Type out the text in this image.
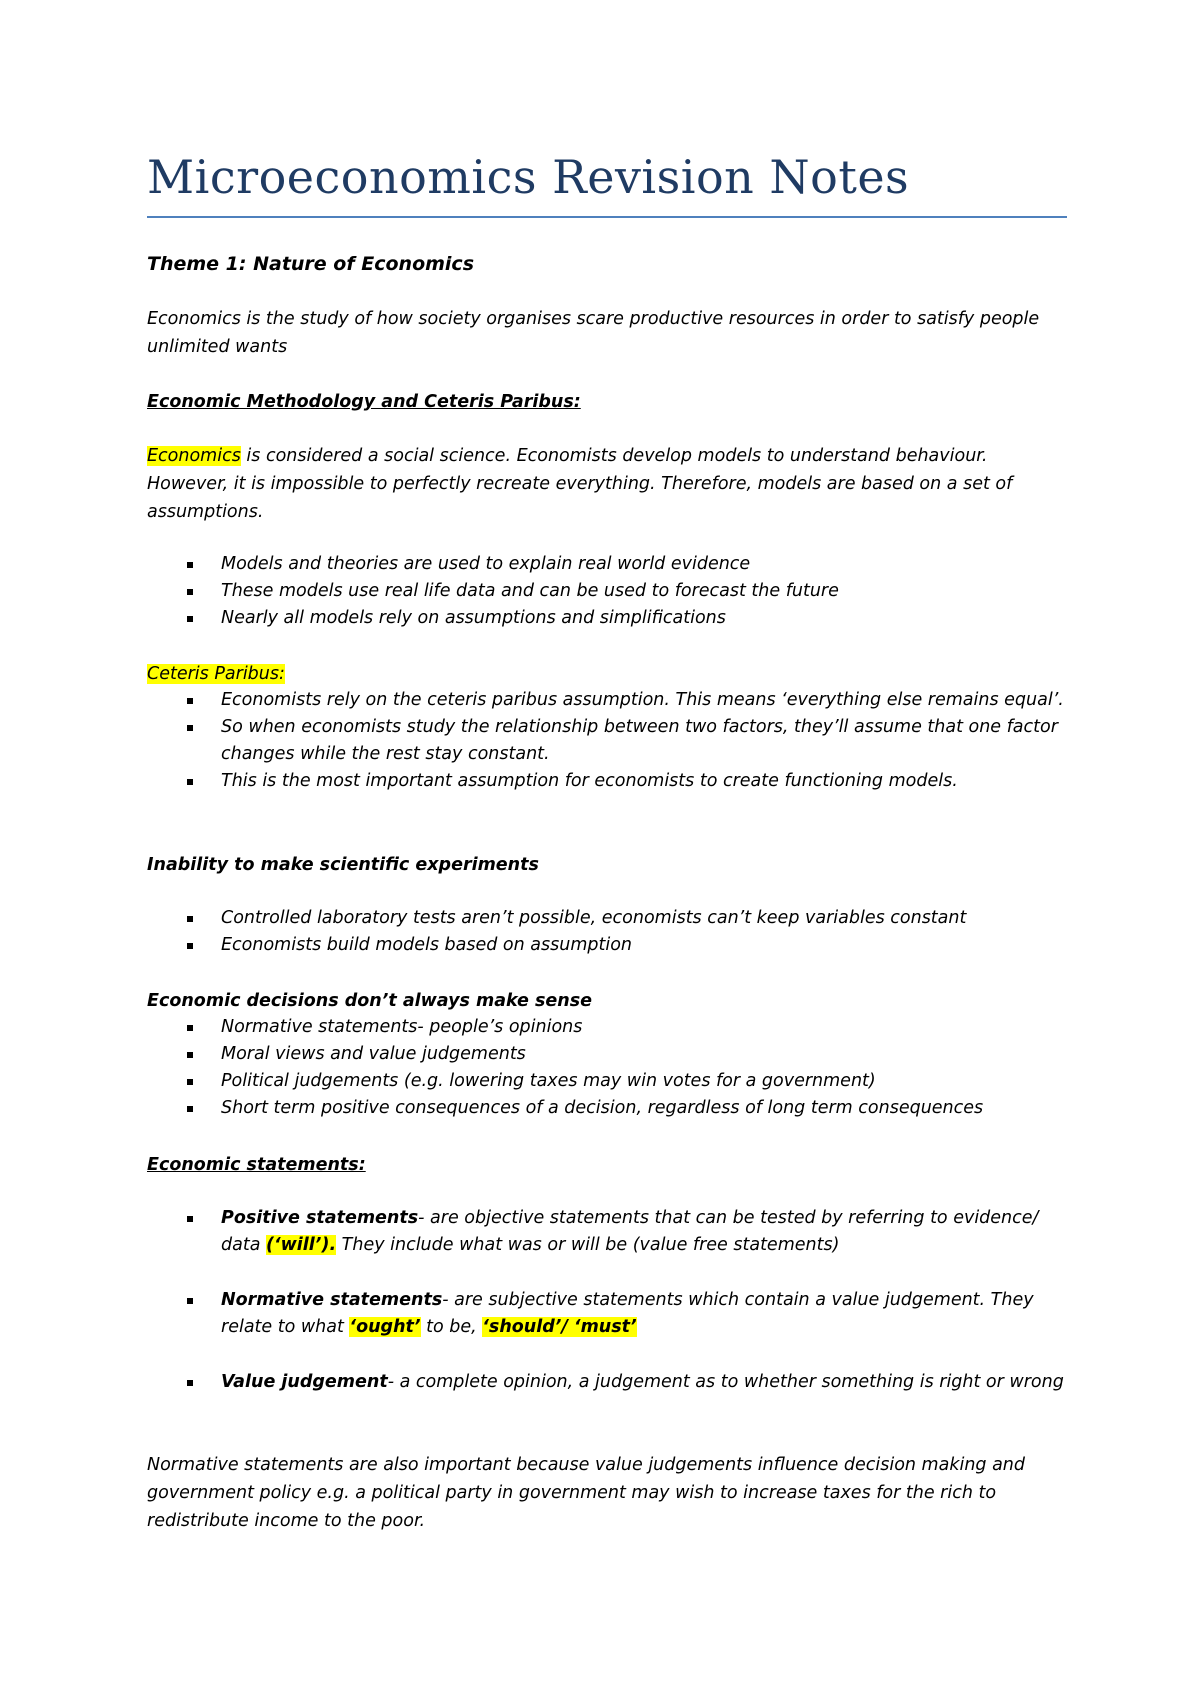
Microeconomics Revision Notes
Theme 1: Nature of Economics
Economics is the study of how society organises scare productive resources in order to satisfy people unlimited wants
Economic Methodology and Ceteris Paribus:
Economics is considered a social science. Economists develop models to understand behaviour. However, it is impossible to perfectly recreate everything. Therefore, models are based on a set of assumptions.
Models and theories are used to explain real world evidence
These models use real life data and can be used to forecast the future
Nearly all models rely on assumptions and simplifications
Ceteris Paribus:
Economists rely on the ceteris paribus assumption. This means ‘everything else remains equal’.
So when economists study the relationship between two factors, they’ll assume that one factor changes while the rest stay constant.
This is the most important assumption for economists to create functioning models.
Inability to make scientific experiments
Controlled laboratory tests aren’t possible, economists can’t keep variables constant
Economists build models based on assumption
Economic decisions don’t always make sense
Normative statements- people’s opinions
Moral views and value judgements
Political judgements (e.g. lowering taxes may win votes for a government)
Short term positive consequences of a decision, regardless of long term consequences
Economic statements:
Positive statements- are objective statements that can be tested by referring to evidence/ data (‘will’). They include what was or will be (value free statements)
Normative statements- are subjective statements which contain a value judgement. They relate to what ‘ought’ to be, ‘should’/ ‘must’
Value judgement- a complete opinion, a judgement as to whether something is right or wrong
Normative statements are also important because value judgements influence decision making and government policy e.g. a political party in government may wish to increase taxes for the rich to redistribute income to the poor.
